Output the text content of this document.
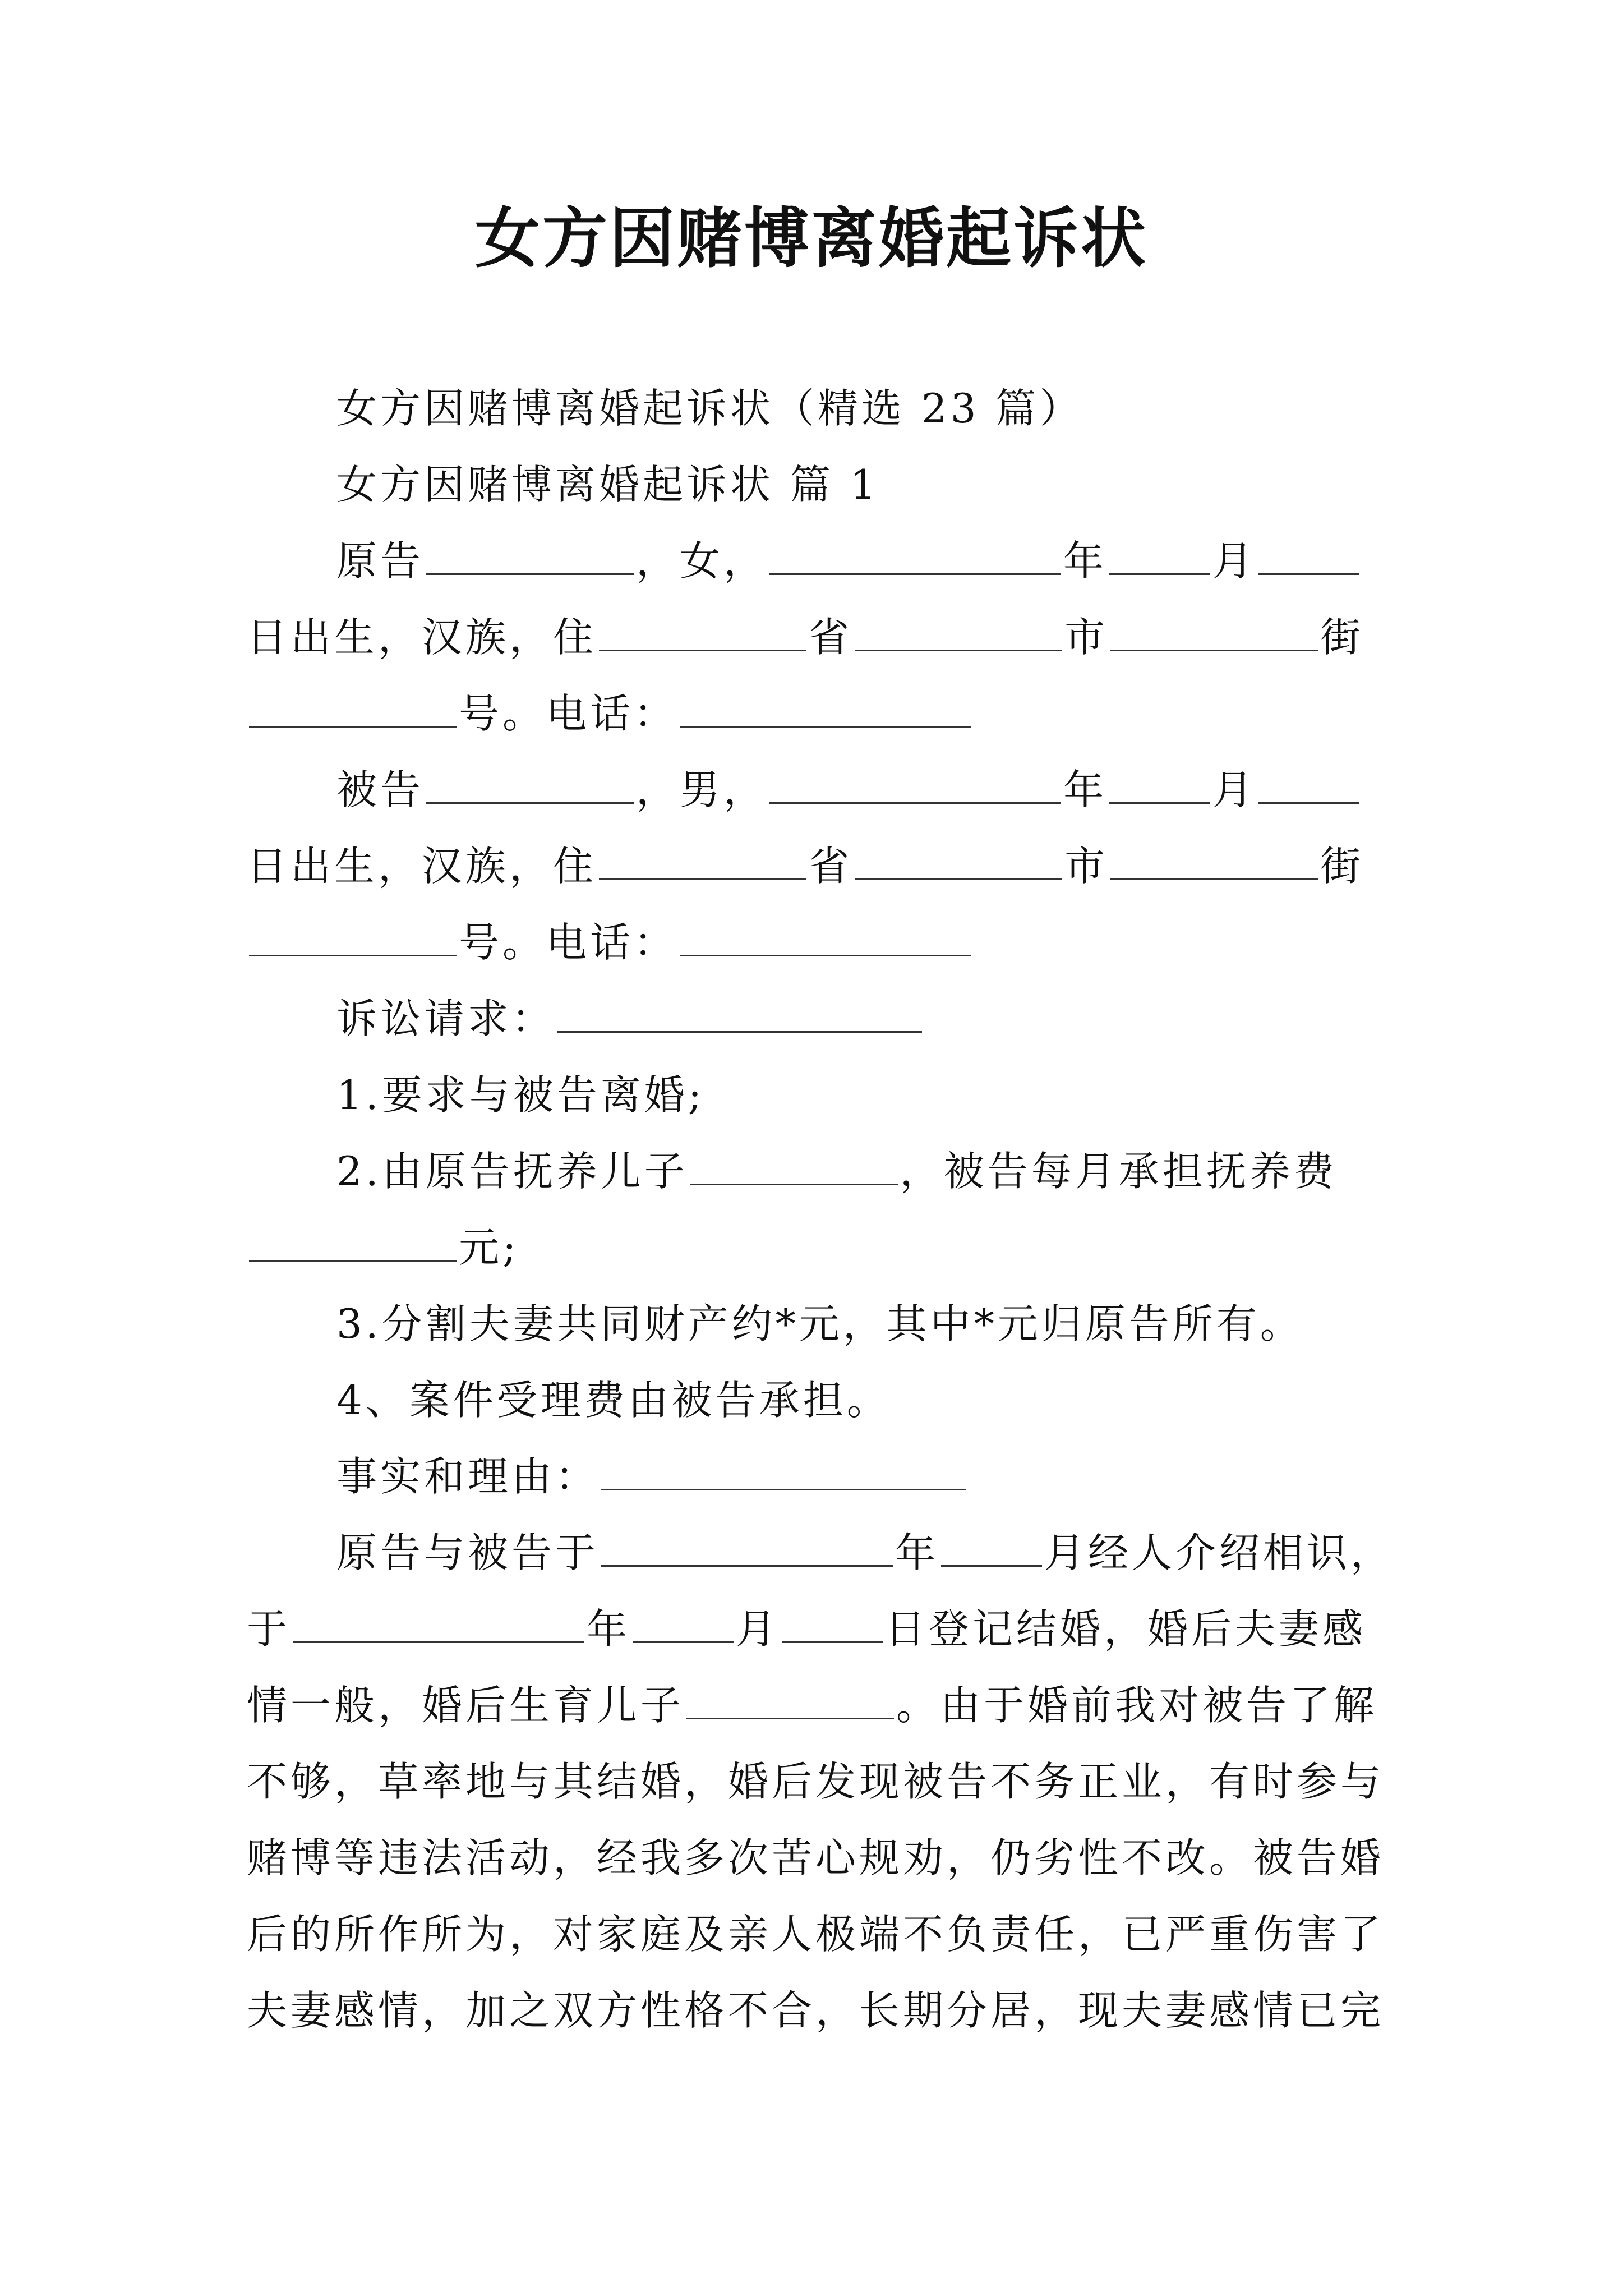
女方因赌博离婚起诉状

女方因赌博离婚起诉状（精选 23 篇）

女方因赌博离婚起诉状 篇 1

原告	，女，	年	月

日出生，汉族，住	省	市	街

号。电话：

被告	，男，	年	月

日出生，汉族，住	省	市	街

号。电话：

诉讼请求：

1.要求与被告离婚;

2.由原告抚养儿子	，被告每月承担抚养费

元;

3.分割夫妻共同财产约*元，其中*元归原告所有。

4、案件受理费由被告承担。

事实和理由：

原告与被告于	年	月经人介绍相识，

于	年	月	日登记结婚，婚后夫妻感

情一般，婚后生育儿子	。由于婚前我对被告了解

不够，草率地与其结婚，婚后发现被告不务正业，有时参与

赌博等违法活动，经我多次苦心规劝，仍劣性不改。被告婚

后的所作所为，对家庭及亲人极端不负责任，已严重伤害了

夫妻感情，加之双方性格不合，长期分居，现夫妻感情已完
